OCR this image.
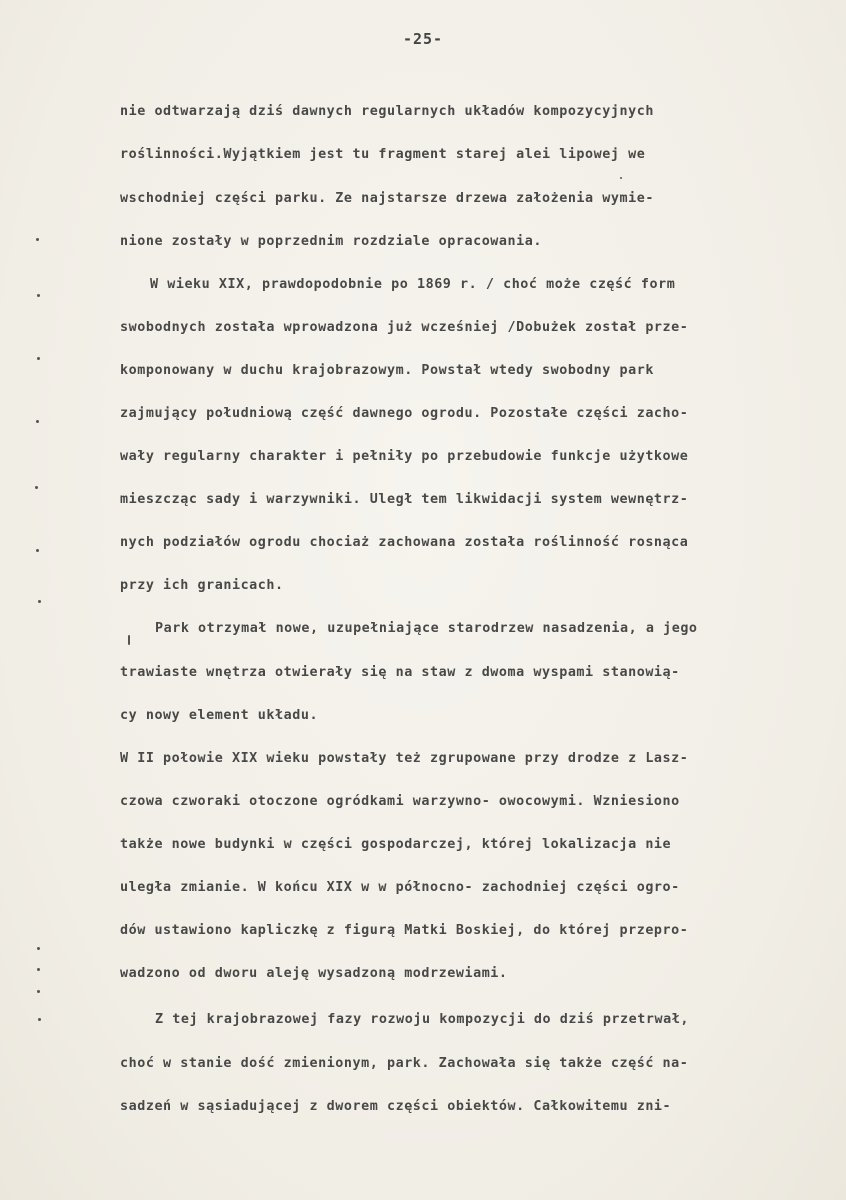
-25-
nie odtwarzają dziś dawnych regularnych układów kompozycyjnych
roślinności.Wyjątkiem jest tu fragment starej alei lipowej we
wschodniej części parku. Ze najstarsze drzewa założenia wymie-
nione zostały w poprzednim rozdziale opracowania.
W wieku XIX, prawdopodobnie po 1869 r. / choć może część form
swobodnych została wprowadzona już wcześniej /Dobużek został prze-
komponowany w duchu krajobrazowym. Powstał wtedy swobodny park
zajmujący południową część dawnego ogrodu. Pozostałe części zacho-
wały regularny charakter i pełniły po przebudowie funkcje użytkowe
mieszcząc sady i warzywniki. Uległ tem likwidacji system wewnętrz-
nych podziałów ogrodu chociaż zachowana została roślinność rosnąca
przy ich granicach.
Park otrzymał nowe, uzupełniające starodrzew nasadzenia, a jego
trawiaste wnętrza otwierały się na staw z dwoma wyspami stanowią-
cy nowy element układu.
W II połowie XIX wieku powstały też zgrupowane przy drodze z Lasz-
czowa czworaki otoczone ogródkami warzywno- owocowymi. Wzniesiono
także nowe budynki w części gospodarczej, której lokalizacja nie
uległa zmianie. W końcu XIX w w północno- zachodniej części ogro-
dów ustawiono kapliczkę z figurą Matki Boskiej, do której przepro-
wadzono od dworu aleję wysadzoną modrzewiami.
Z tej krajobrazowej fazy rozwoju kompozycji do dziś przetrwał,
choć w stanie dość zmienionym, park. Zachowała się także część na-
sadzeń w sąsiadującej z dworem części obiektów. Całkowitemu zni-
